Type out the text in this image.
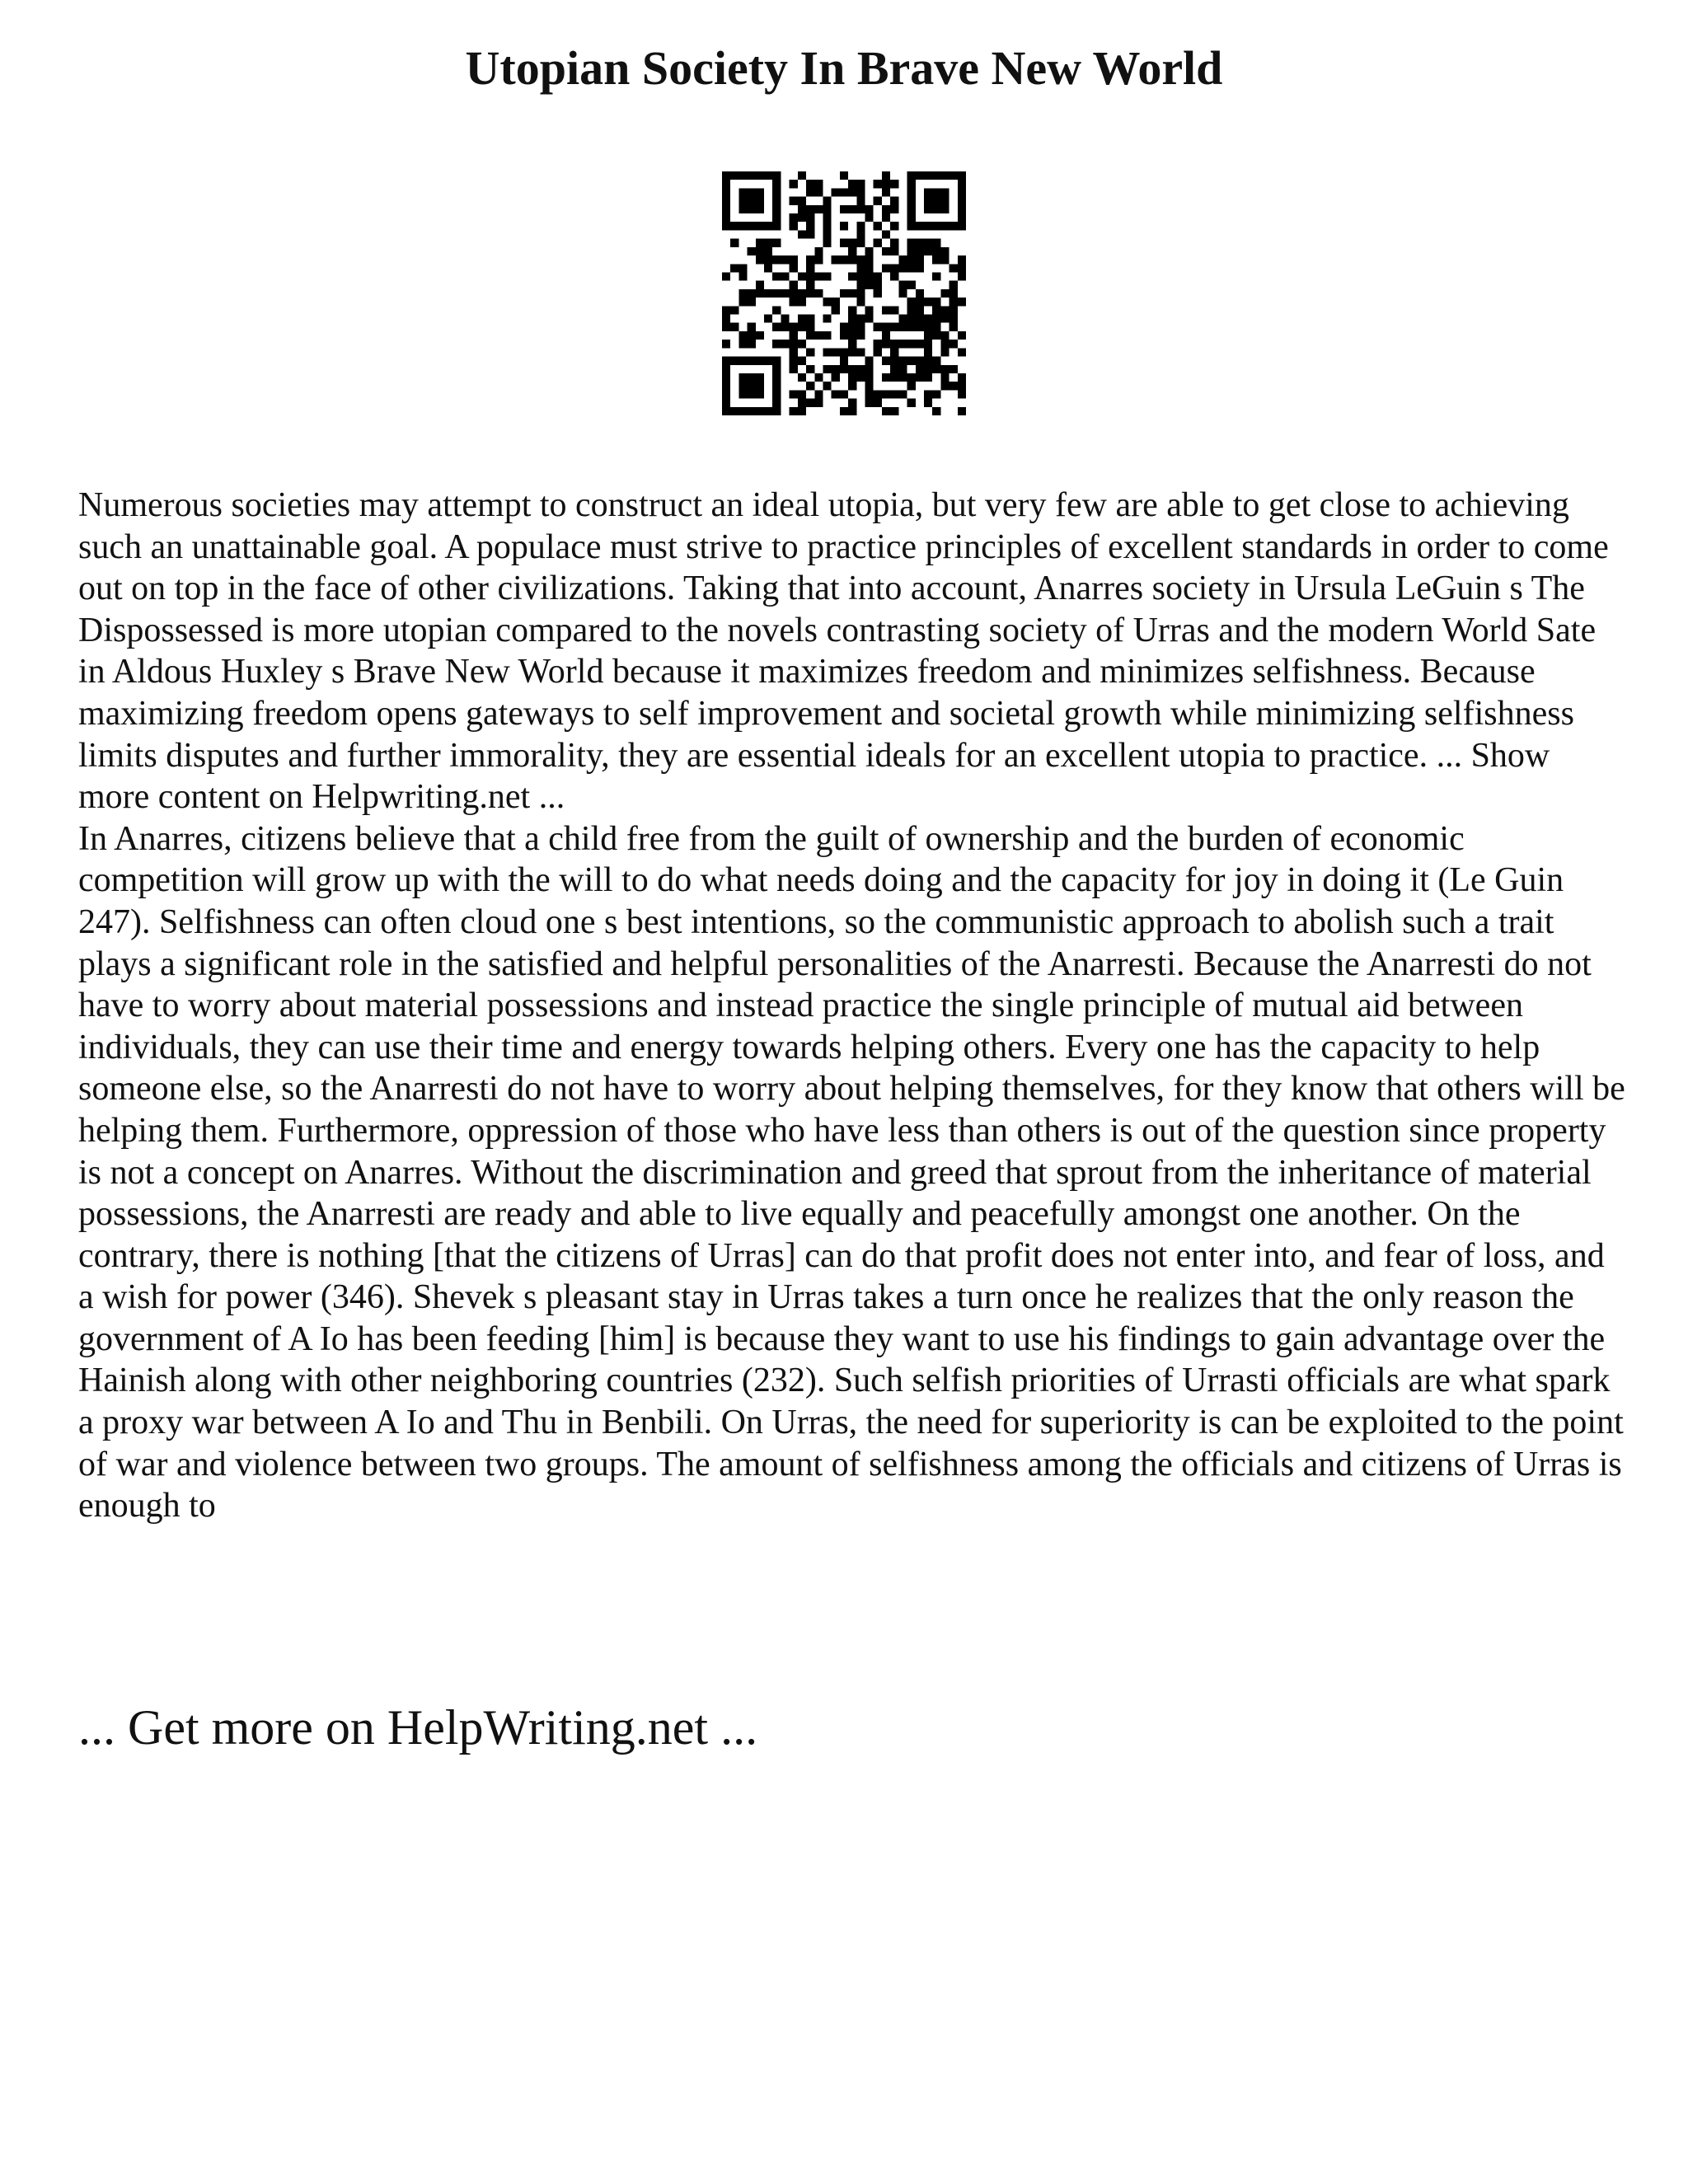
Utopian Society In Brave New World

Numerous societies may attempt to construct an ideal utopia, but very few are able to get close to achieving such an unattainable goal. A populace must strive to practice principles of excellent standards in order to come out on top in the face of other civilizations. Taking that into account, Anarres society in Ursula LeGuin s The Dispossessed is more utopian compared to the novels contrasting society of Urras and the modern World Sate in Aldous Huxley s Brave New World because it maximizes freedom and minimizes selfishness. Because maximizing freedom opens gateways to self improvement and societal growth while minimizing selfishness limits disputes and further immorality, they are essential ideals for an excellent utopia to practice. ... Show more content on Helpwriting.net ...

In Anarres, citizens believe that a child free from the guilt of ownership and the burden of economic competition will grow up with the will to do what needs doing and the capacity for joy in doing it (Le Guin 247). Selfishness can often cloud one s best intentions, so the communistic approach to abolish such a trait plays a significant role in the satisfied and helpful personalities of the Anarresti. Because the Anarresti do not have to worry about material possessions and instead practice the single principle of mutual aid between individuals, they can use their time and energy towards helping others. Every one has the capacity to help someone else, so the Anarresti do not have to worry about helping themselves, for they know that others will be helping them. Furthermore, oppression of those who have less than others is out of the question since property is not a concept on Anarres. Without the discrimination and greed that sprout from the inheritance of material possessions, the Anarresti are ready and able to live equally and peacefully amongst one another. On the contrary, there is nothing [that the citizens of Urras] can do that profit does not enter into, and fear of loss, and a wish for power (346). Shevek s pleasant stay in Urras takes a turn once he realizes that the only reason the government of A Io has been feeding [him] is because they want to use his findings to gain advantage over the Hainish along with other neighboring countries (232). Such selfish priorities of Urrasti officials are what spark a proxy war between A Io and Thu in Benbili. On Urras, the need for superiority is can be exploited to the point of war and violence between two groups. The amount of selfishness among the officials and citizens of Urras is enough to

... Get more on HelpWriting.net ...
